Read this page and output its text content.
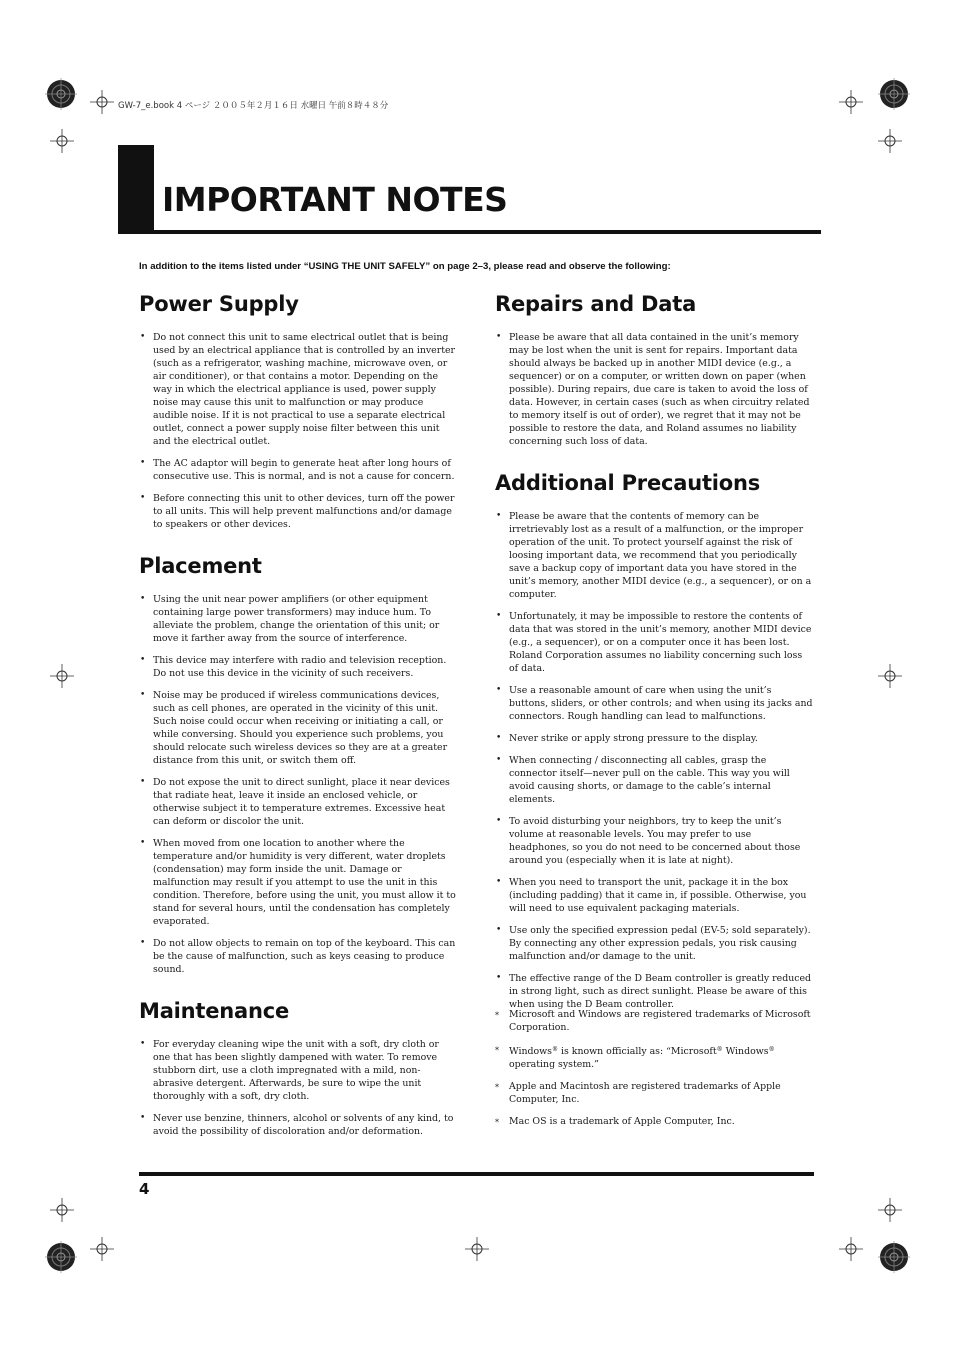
GW-7_e.book 4 ページ ２００５年２月１６日 水曜日 午前８時４８分
IMPORTANT NOTES

In addition to the items listed under “USING THE UNIT SAFELY” on page 2–3, please read and observe the following:

Power Supply
• Do not connect this unit to same electrical outlet that is being used by an electrical appliance that is controlled by an inverter (such as a refrigerator, washing machine, microwave oven, or air conditioner), or that contains a motor. Depending on the way in which the electrical appliance is used, power supply noise may cause this unit to malfunction or may produce audible noise. If it is not practical to use a separate electrical outlet, connect a power supply noise filter between this unit and the electrical outlet.
• The AC adaptor will begin to generate heat after long hours of consecutive use. This is normal, and is not a cause for concern.
• Before connecting this unit to other devices, turn off the power to all units. This will help prevent malfunctions and/or damage to speakers or other devices.
Placement
• Using the unit near power amplifiers (or other equipment containing large power transformers) may induce hum. To alleviate the problem, change the orientation of this unit; or move it farther away from the source of interference.
• This device may interfere with radio and television reception. Do not use this device in the vicinity of such receivers.
• Noise may be produced if wireless communications devices, such as cell phones, are operated in the vicinity of this unit. Such noise could occur when receiving or initiating a call, or while conversing. Should you experience such problems, you should relocate such wireless devices so they are at a greater distance from this unit, or switch them off.
• Do not expose the unit to direct sunlight, place it near devices that radiate heat, leave it inside an enclosed vehicle, or otherwise subject it to temperature extremes. Excessive heat can deform or discolor the unit.
• When moved from one location to another where the temperature and/or humidity is very different, water droplets (condensation) may form inside the unit. Damage or malfunction may result if you attempt to use the unit in this condition. Therefore, before using the unit, you must allow it to stand for several hours, until the condensation has completely evaporated.
• Do not allow objects to remain on top of the keyboard. This can be the cause of malfunction, such as keys ceasing to produce sound.
Maintenance
• For everyday cleaning wipe the unit with a soft, dry cloth or one that has been slightly dampened with water. To remove stubborn dirt, use a cloth impregnated with a mild, non-abrasive detergent. Afterwards, be sure to wipe the unit thoroughly with a soft, dry cloth.
• Never use benzine, thinners, alcohol or solvents of any kind, to avoid the possibility of discoloration and/or deformation.
Repairs and Data
• Please be aware that all data contained in the unit’s memory may be lost when the unit is sent for repairs. Important data should always be backed up in another MIDI device (e.g., a sequencer) or on a computer, or written down on paper (when possible). During repairs, due care is taken to avoid the loss of data. However, in certain cases (such as when circuitry related to memory itself is out of order), we regret that it may not be possible to restore the data, and Roland assumes no liability concerning such loss of data.
Additional Precautions
• Please be aware that the contents of memory can be irretrievably lost as a result of a malfunction, or the improper operation of the unit. To protect yourself against the risk of loosing important data, we recommend that you periodically save a backup copy of important data you have stored in the unit’s memory, another MIDI device (e.g., a sequencer), or on a computer.
• Unfortunately, it may be impossible to restore the contents of data that was stored in the unit’s memory, another MIDI device (e.g., a sequencer), or on a computer once it has been lost. Roland Corporation assumes no liability concerning such loss of data.
• Use a reasonable amount of care when using the unit’s buttons, sliders, or other controls; and when using its jacks and connectors. Rough handling can lead to malfunctions.
• Never strike or apply strong pressure to the display.
• When connecting / disconnecting all cables, grasp the connector itself—never pull on the cable. This way you will avoid causing shorts, or damage to the cable’s internal elements.
• To avoid disturbing your neighbors, try to keep the unit’s volume at reasonable levels. You may prefer to use headphones, so you do not need to be concerned about those around you (especially when it is late at night).
• When you need to transport the unit, package it in the box (including padding) that it came in, if possible. Otherwise, you will need to use equivalent packaging materials.
• Use only the specified expression pedal (EV-5; sold separately). By connecting any other expression pedals, you risk causing malfunction and/or damage to the unit.
• The effective range of the D Beam controller is greatly reduced in strong light, such as direct sunlight. Please be aware of this when using the D Beam controller.
* Microsoft and Windows are registered trademarks of Microsoft Corporation.
* Windows® is known officially as: “Microsoft® Windows® operating system.”
* Apple and Macintosh are registered trademarks of Apple Computer, Inc.
* Mac OS is a trademark of Apple Computer, Inc.
4
